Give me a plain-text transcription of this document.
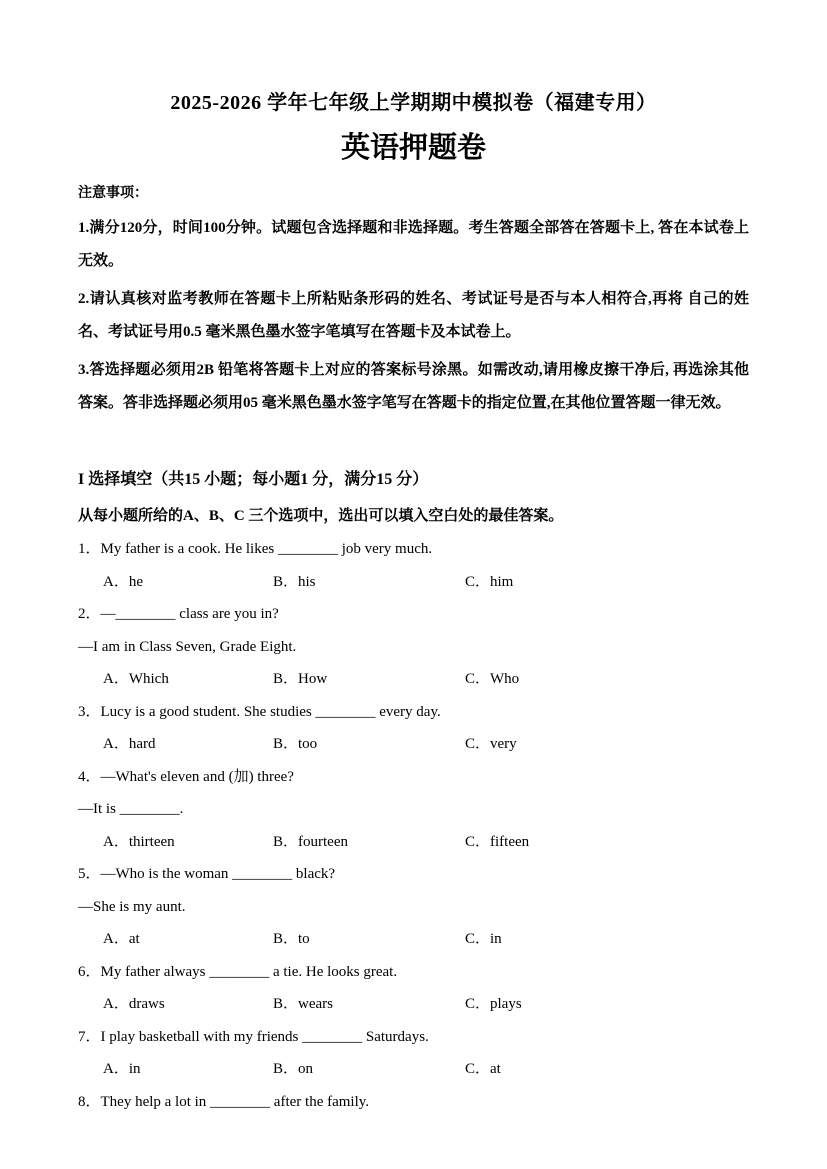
2025-2026 学年七年级上学期期中模拟卷（福建专用）
英语押题卷
注意事项：

1.满分120分，时间100分钟。试题包含选择题和非选择题。考生答题全部答在答题卡上, 答在本试卷上无效。

2.请认真核对监考教师在答题卡上所粘贴条形码的姓名、考试证号是否与本人相符合,再将 自己的姓名、考试证号用0.5 毫米黑色墨水签字笔填写在答题卡及本试卷上。

3.答选择题必须用2B 铅笔将答题卡上对应的答案标号涂黑。如需改动,请用橡皮擦干净后, 再选涂其他答案。答非选择题必须用05 毫米黑色墨水签字笔写在答题卡的指定位置,在其他位置答题一律无效。

I 选择填空（共15 小题；每小题1 分，满分15 分）
从每小题所给的A、B、C 三个选项中，选出可以填入空白处的最佳答案。
1．My father is a cook. He likes ________ job very much.
A．he	B．his	C．him
2．—________ class are you in?
—I am in Class Seven, Grade Eight.
A．Which	B．How	C．Who
3．Lucy is a good student. She studies ________ every day.
A．hard	B．too	C．very
4．—What's eleven and (加) three?
—It is ________.
A．thirteen	B．fourteen	C．fifteen
5．—Who is the woman ________ black?
—She is my aunt.
A．at	B．to	C．in
6．My father always ________ a tie. He looks great.
A．draws	B．wears	C．plays
7．I play basketball with my friends ________ Saturdays.
A．in	B．on	C．at
8．They help a lot in ________ after the family.
